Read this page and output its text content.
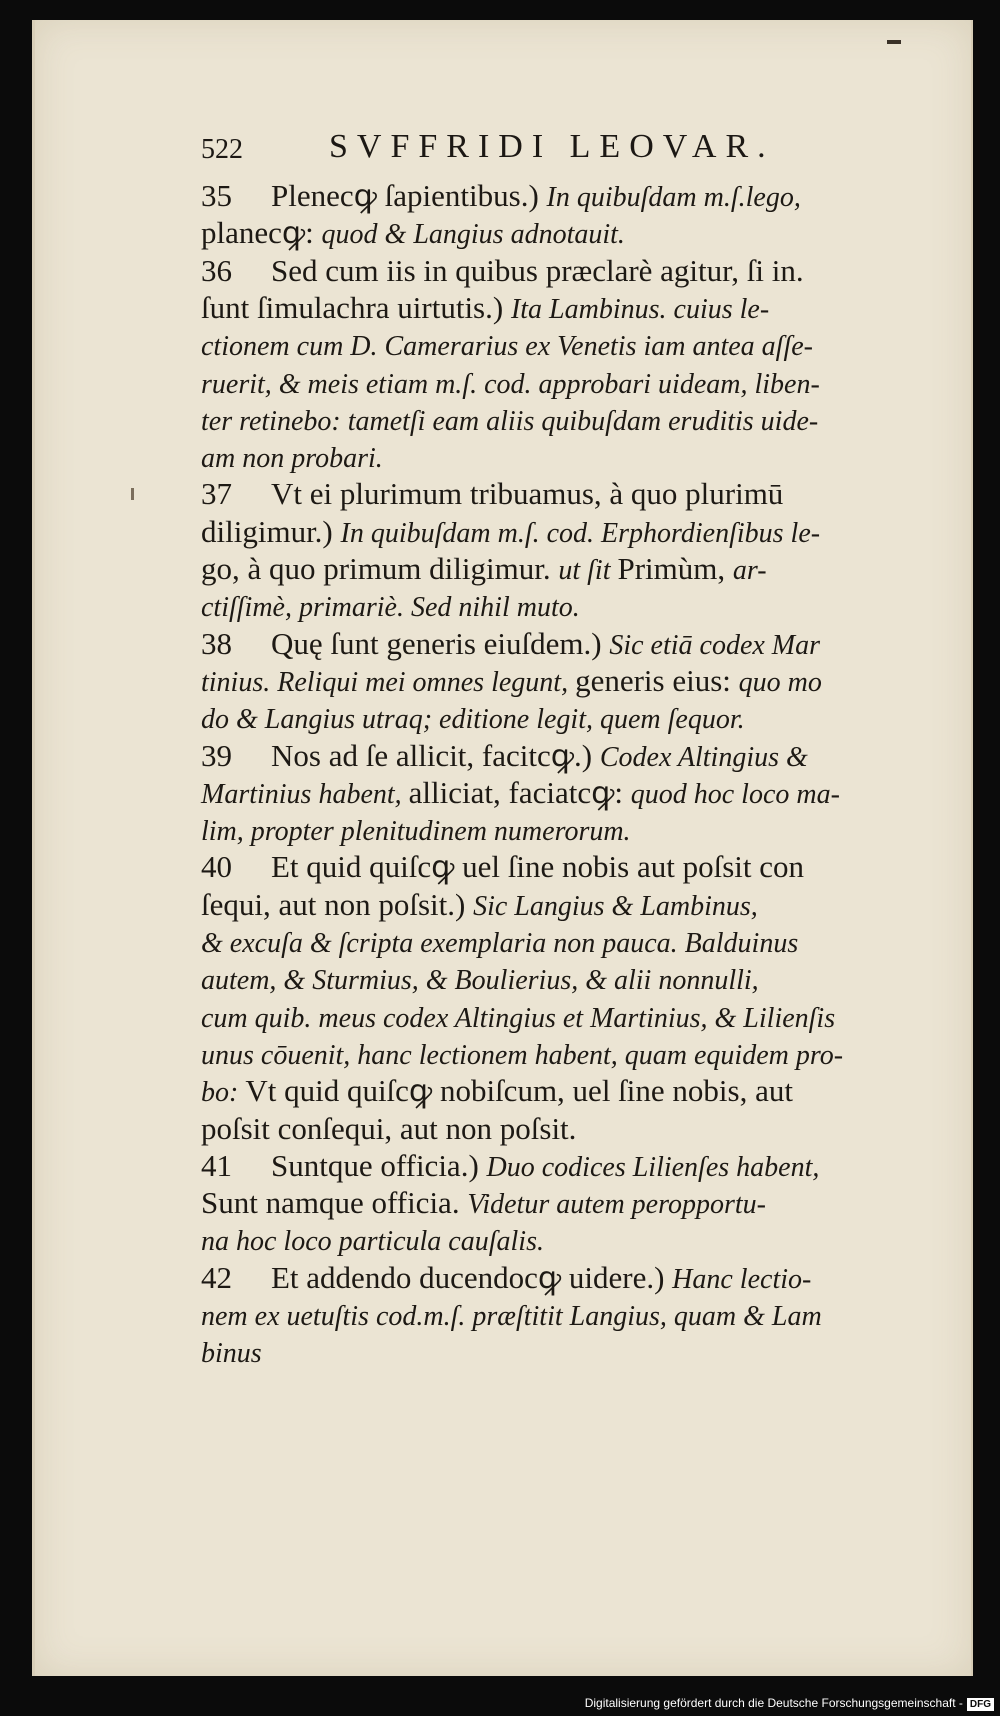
522	SVFFRIDI LEOVAR.
35 Plenecꝙ ſapientibus.) In quibuſdam m.ſ.lego,
planecꝙ: quod & Langius adnotauit.
36 Sed cum iis in quibus præclarè agitur, ſi in.
ſunt ſimulachra uirtutis.) Ita Lambinus. cuius le-
ctionem cum D. Camerarius ex Venetis iam antea aſſe-
ruerit, & meis etiam m.ſ. cod. approbari uideam, liben-
ter retinebo: tametſi eam aliis quibuſdam eruditis uide-
am non probari.
37 Vt ei plurimum tribuamus, à quo plurimū
diligimur.) In quibuſdam m.ſ. cod. Erphordienſibus le-
go, à quo primum diligimur. ut ſit Primùm, ar-
ctiſſimè, primariè. Sed nihil muto.
38 Quę ſunt generis eiuſdem.) Sic etiā codex Mar
tinius. Reliqui mei omnes legunt, generis eius: quo mo
do & Langius utraq; editione legit, quem ſequor.
39 Nos ad ſe allicit, facitcꝙ.) Codex Altingius &
Martinius habent, alliciat, faciatcꝙ: quod hoc loco ma-
lim, propter plenitudinem numerorum.
40 Et quid quiſcꝙ uel ſine nobis aut poſsit con
ſequi, aut non poſsit.) Sic Langius & Lambinus,
& excuſa & ſcripta exemplaria non pauca. Balduinus
autem, & Sturmius, & Boulierius, & alii nonnulli,
cum quib. meus codex Altingius et Martinius, & Lilienſis
unus cōuenit, hanc lectionem habent, quam equidem pro-
bo: Vt quid quiſcꝙ nobiſcum, uel ſine nobis, aut
poſsit conſequi, aut non poſsit.
41 Suntque officia.) Duo codices Lilienſes habent,
Sunt namque officia. Videtur autem peropportu-
na hoc loco particula cauſalis.
42 Et addendo ducendocꝙ uidere.) Hanc lectio-
nem ex uetuſtis cod.m.ſ. præſtitit Langius, quam & Lam
binus
Digitalisierung gefördert durch die Deutsche Forschungsgemeinschaft - DFG
